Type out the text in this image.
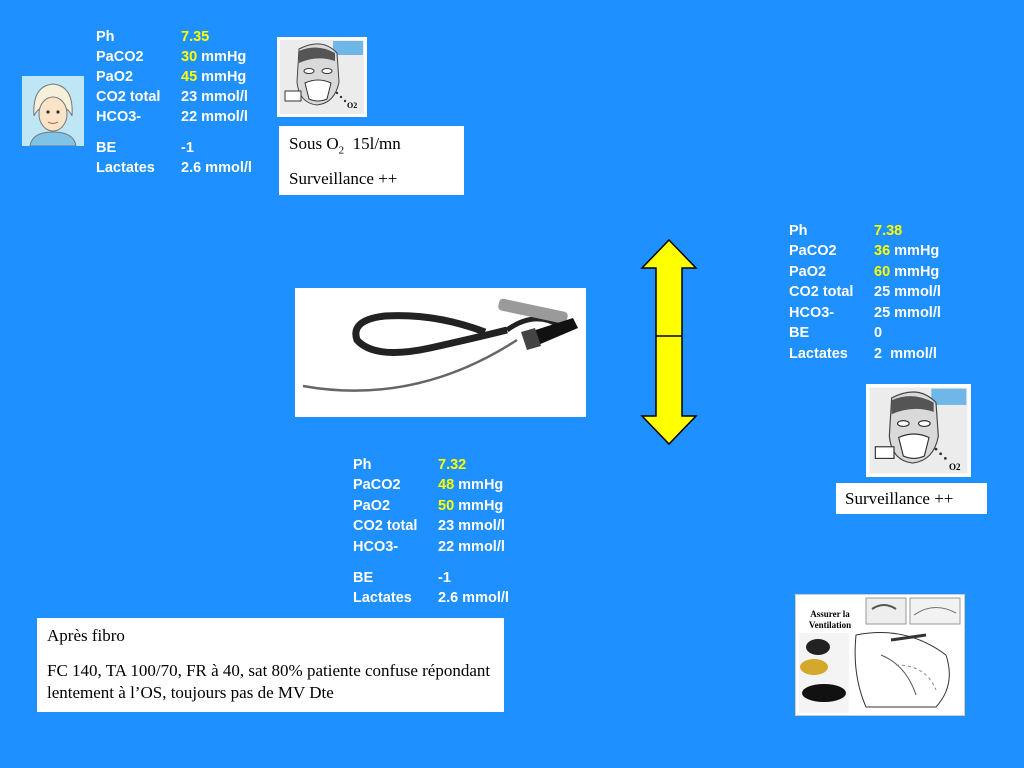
Ph	7.35
PaCO2	30 mmHg
PaO2	45 mmHg
CO2 total 23 mmol/l
HCO3-	22 mmol/l
BE	-1
Lactates 2.6 mmol/l
O2
Sous $O_2$  15l/mn
Surveillance ++
Ph	7.38
PaCO2	36 mmHg
PaO2	60 mmHg
CO2 total 25 mmol/l
HCO3-	25 mmol/l
BE	0
Lactates 2  mmol/l
O2
Surveillance ++
Ph	7.32
PaCO2	48 mmHg
PaO2	50 mmHg
CO2 total 23 mmol/l
HCO3-	22 mmol/l
BE	-1
Lactates 2.6 mmol/l
Après fibro
FC 140, TA 100/70, FR à 40, sat 80% patiente confuse répondant lentement à l’OS, toujours pas de MV Dte
Assurer la Ventilation
